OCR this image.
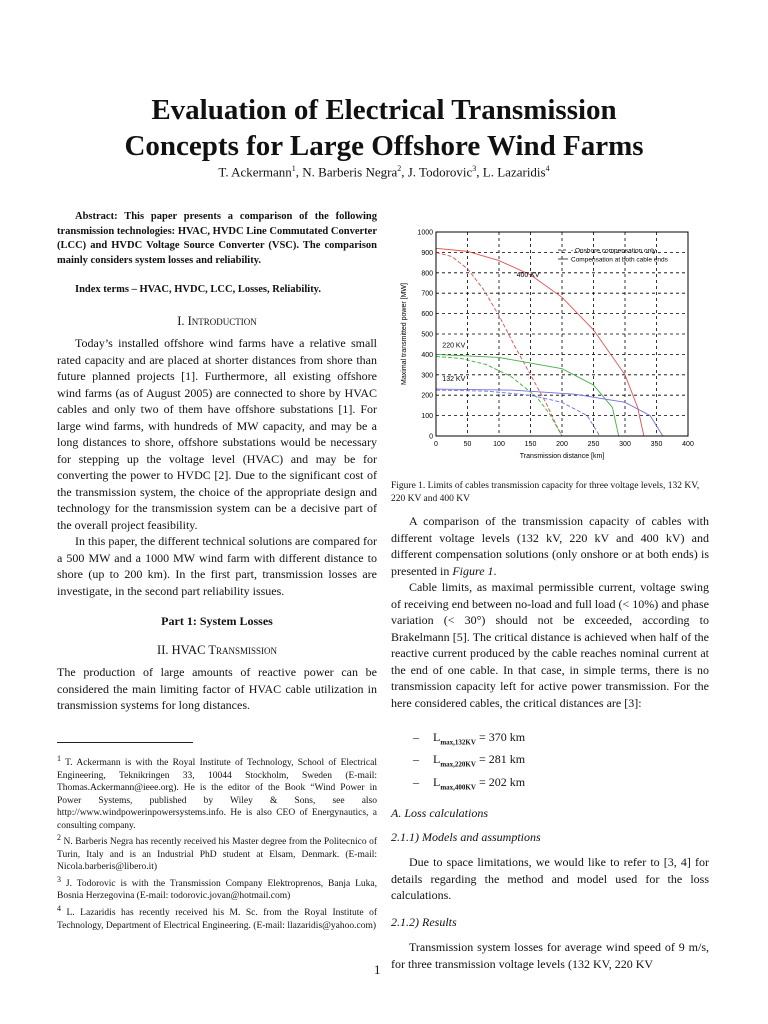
Evaluation of Electrical Transmission
Concepts for Large Offshore Wind Farms
T. Ackermann$^1$, N. Barberis Negra$^2$, J. Todorovic$^3$, L. Lazaridis$^4$

Abstract: This paper presents a comparison of the following transmission technologies: HVAC, HVDC Line Commutated Converter (LCC) and HVDC Voltage Source Converter (VSC). The comparison mainly considers system losses and reliability.

Index terms – HVAC, HVDC, LCC, Losses, Reliability.

I. Introduction

Today’s installed offshore wind farms have a relative small rated capacity and are placed at shorter distances from shore than future planned projects [1]. Furthermore, all existing offshore wind farms (as of August 2005) are connected to shore by HVAC cables and only two of them have offshore substations [1]. For large wind farms, with hundreds of MW capacity, and may be a long distances to shore, offshore substations would be necessary for stepping up the voltage level (HVAC) and may be for converting the power to HVDC [2]. Due to the significant cost of the transmission system, the choice of the appropriate design and technology for the transmission system can be a decisive part of the overall project feasibility.

In this paper, the different technical solutions are compared for a 500 MW and a 1000 MW wind farm with different distance to shore (up to 200 km). In the first part, transmission losses are investigate, in the second part reliability issues.

Part 1: System Losses

II. HVAC Transmission

The production of large amounts of reactive power can be considered the main limiting factor of HVAC cable utilization in transmission systems for long distances.

$^1$ T. Ackermann is with the Royal Institute of Technology, School of Electrical Engineering, Teknikringen 33, 10044 Stockholm, Sweden (E-mail: Thomas.Ackermann@ieee.org). He is the editor of the Book “Wind Power in Power Systems, published by Wiley & Sons, see also http://www.windpowerinpowersystems.info. He is also CEO of Energynautics, a consulting company.

$^2$ N. Barberis Negra has recently received his Master degree from the Politecnico of Turin, Italy and is an Industrial PhD student at Elsam, Denmark. (E-mail: Nicola.barberis@libero.it)

$^3$ J. Todorovic is with the Transmission Company Elektroprenos, Banja Luka, Bosnia Herzegovina (E-mail: todorovic.jovan@hotmail.com)

$^4$ L. Lazaridis has recently received his M. Sc. from the Royal Institute of Technology, Department of Electrical Engineering. (E-mail: llazaridis@yahoo.com)

1
0	50	100	150	200	250	300	350	400
0
100
200
300
400
500
600
700
800
900
1000
- Onshore compensation only
Compensation at both cable ends
Transmission distance [km]
Maximal transmitted power [MW]
400 KV
220 KV
132 KV
Figure 1. Limits of cables transmission capacity for three voltage levels, 132 KV, 220 KV and 400 KV

A comparison of the transmission capacity of cables with different voltage levels (132 kV, 220 kV and 400 kV) and different compensation solutions (only onshore or at both ends) is presented in Figure 1.

Cable limits, as maximal permissible current, voltage swing of receiving end between no-load and full load (< 10%) and phase variation (< 30°) should not be exceeded, according to Brakelmann [5]. The critical distance is achieved when half of the reactive current produced by the cable reaches nominal current at the end of one cable. In that case, in simple terms, there is no transmission capacity left for active power transmission. For the here considered cables, the critical distances are [3]:

– $L_{max,132KV} = 370$ km
– $L_{max,220KV} = 281$ km
– $L_{max,400KV} = 202$ km

A. Loss calculations

2.1.1) Models and assumptions

Due to space limitations, we would like to refer to [3, 4] for details regarding the method and model used for the loss calculations.

2.1.2) Results

Transmission system losses for average wind speed of 9 m/s, for three transmission voltage levels (132 KV, 220 KV
